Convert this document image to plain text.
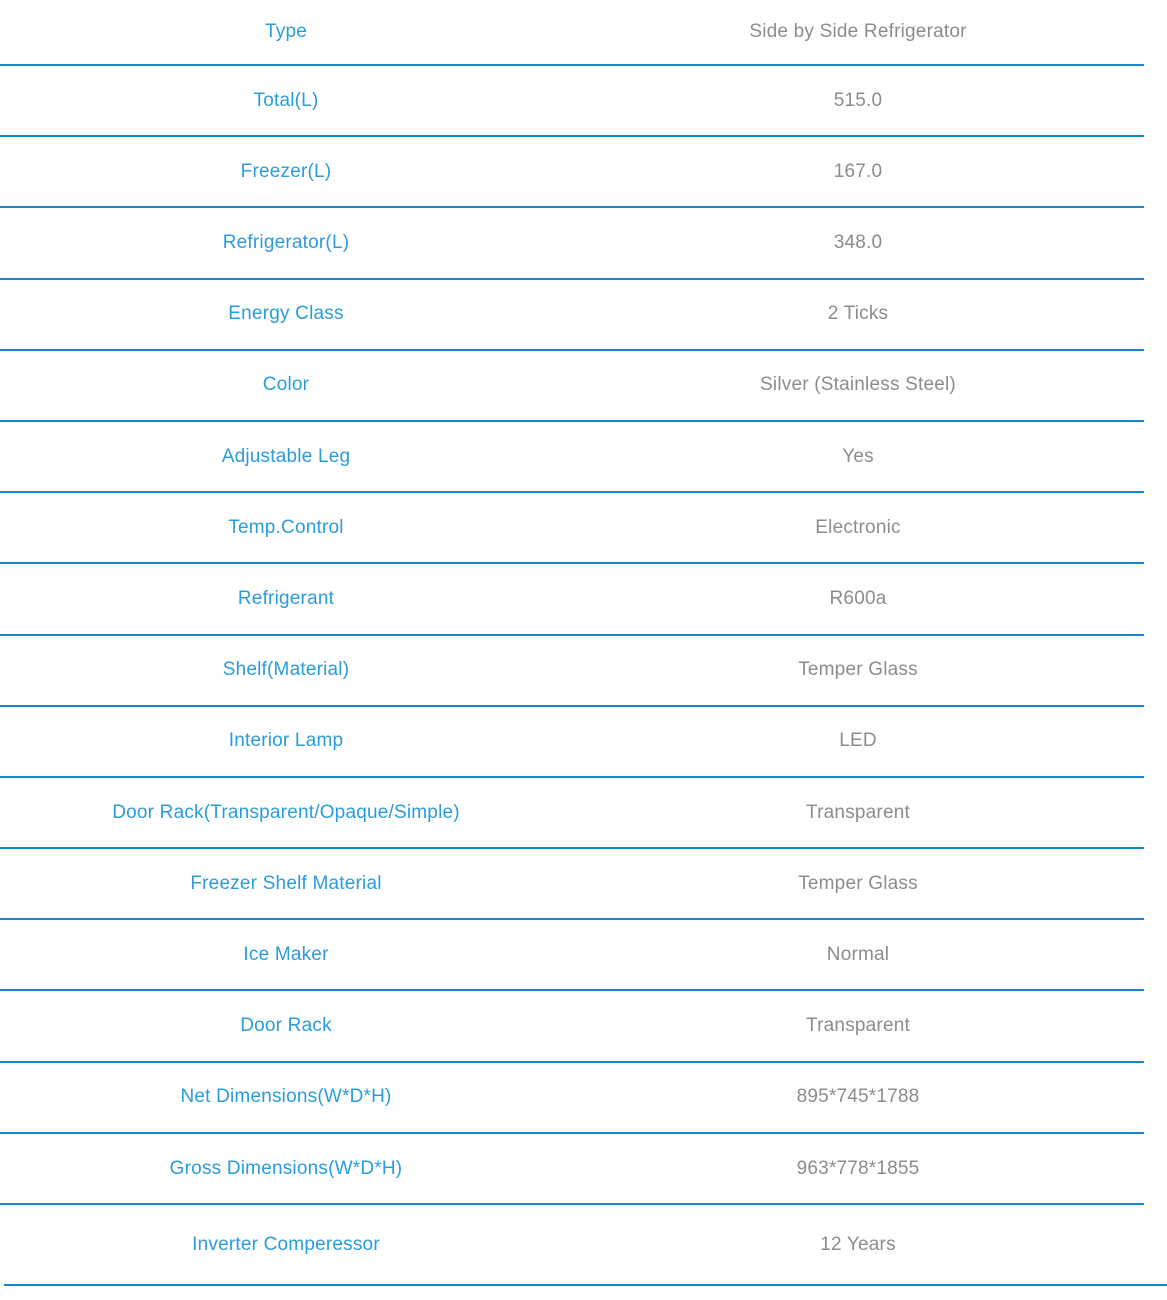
Type	Side by Side Refrigerator
Total(L)	515.0
Freezer(L)	167.0
Refrigerator(L)	348.0
Energy Class	2 Ticks
Color	Silver (Stainless Steel)
Adjustable Leg	Yes
Temp.Control	Electronic
Refrigerant	R600a
Shelf(Material)	Temper Glass
Interior Lamp	LED
Door Rack(Transparent/Opaque/Simple)	Transparent
Freezer Shelf Material	Temper Glass
Ice Maker	Normal
Door Rack	Transparent
Net Dimensions(W*D*H)	895*745*1788
Gross Dimensions(W*D*H)	963*778*1855
Inverter Comperessor	12 Years
